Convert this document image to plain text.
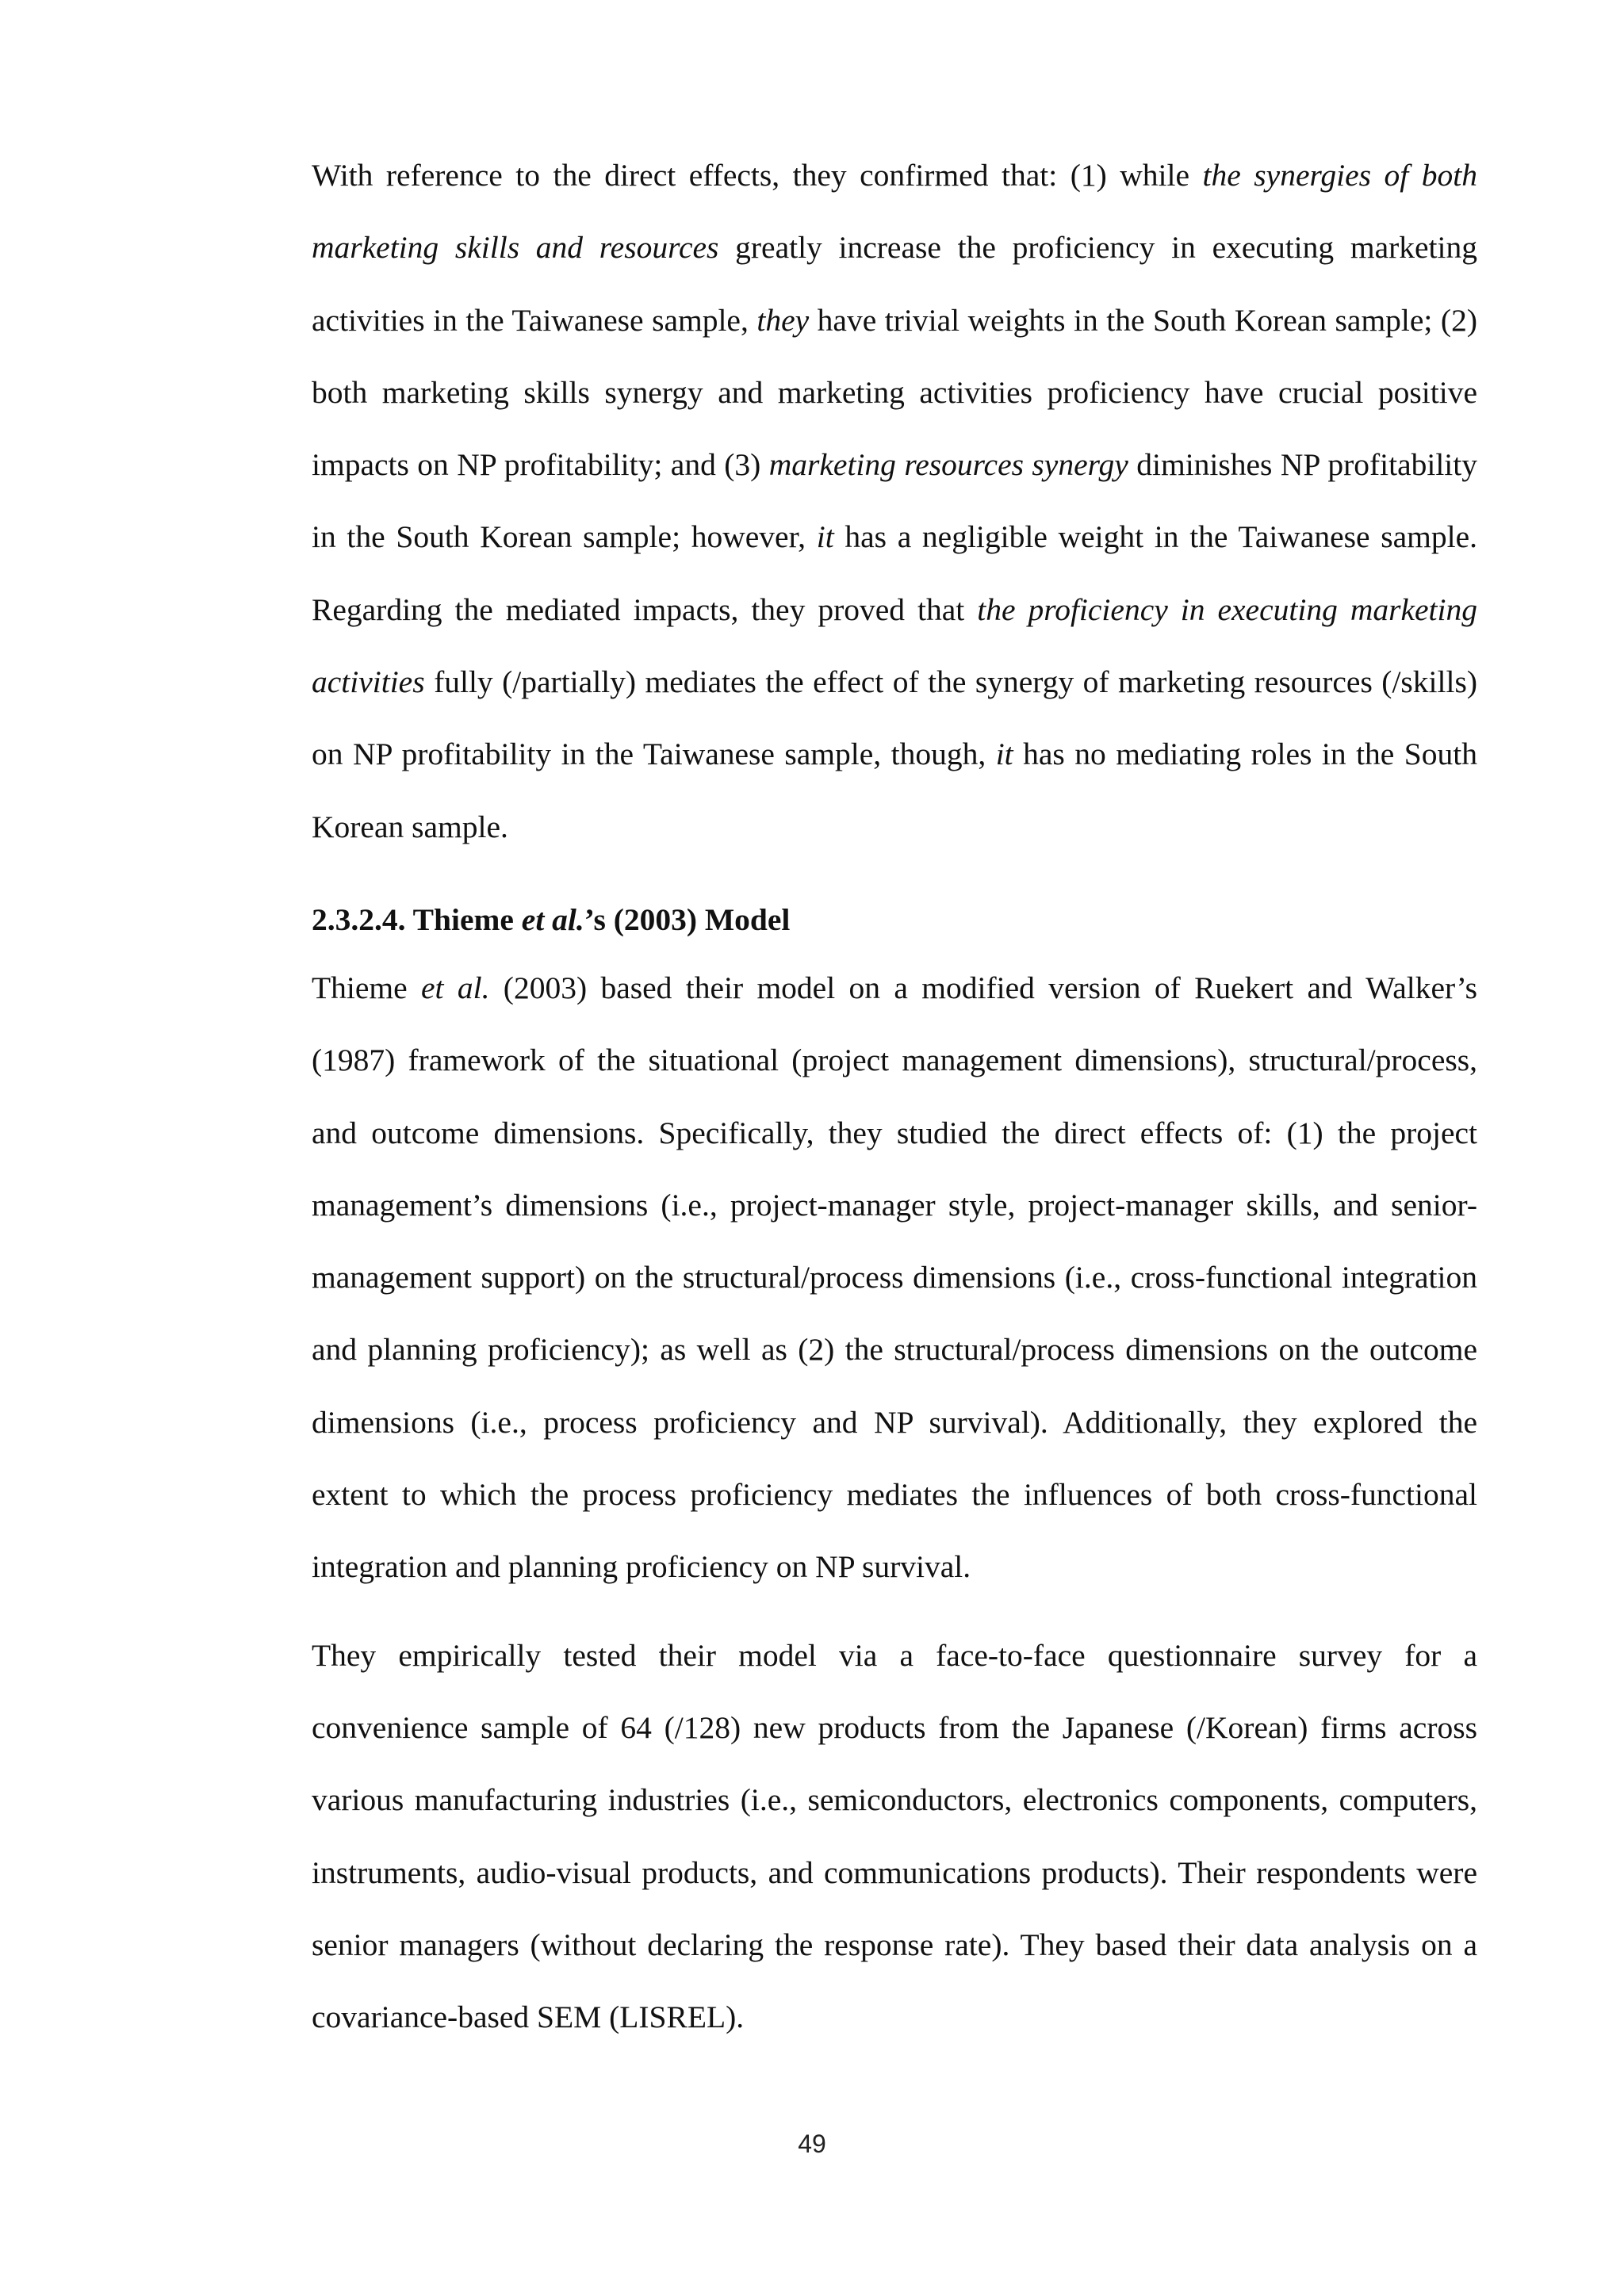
With reference to the direct effects, they confirmed that: (1) while the synergies of both marketing skills and resources greatly increase the proficiency in executing marketing activities in the Taiwanese sample, they have trivial weights in the South Korean sample; (2) both marketing skills synergy and marketing activities proficiency have crucial positive impacts on NP profitability; and (3) marketing resources synergy diminishes NP profitability in the South Korean sample; however, it has a negligible weight in the Taiwanese sample. Regarding the mediated impacts, they proved that the proficiency in executing marketing activities fully (/partially) mediates the effect of the synergy of marketing resources (/skills) on NP profitability in the Taiwanese sample, though, it has no mediating roles in the South Korean sample.

2.3.2.4. Thieme et al.’s (2003) Model

Thieme et al. (2003) based their model on a modified version of Ruekert and Walker’s (1987) framework of the situational (project management dimensions), structural/process, and outcome dimensions. Specifically, they studied the direct effects of: (1) the project management’s dimensions (i.e., project-manager style, project-manager skills, and senior-management support) on the structural/process dimensions (i.e., cross-functional integration and planning proficiency); as well as (2) the structural/process dimensions on the outcome dimensions (i.e., process proficiency and NP survival). Additionally, they explored the extent to which the process proficiency mediates the influences of both cross-functional integration and planning proficiency on NP survival.

They empirically tested their model via a face-to-face questionnaire survey for a convenience sample of 64 (/128) new products from the Japanese (/Korean) firms across various manufacturing industries (i.e., semiconductors, electronics components, computers, instruments, audio-visual products, and communications products). Their respondents were senior managers (without declaring the response rate). They based their data analysis on a covariance-based SEM (LISREL).

49
